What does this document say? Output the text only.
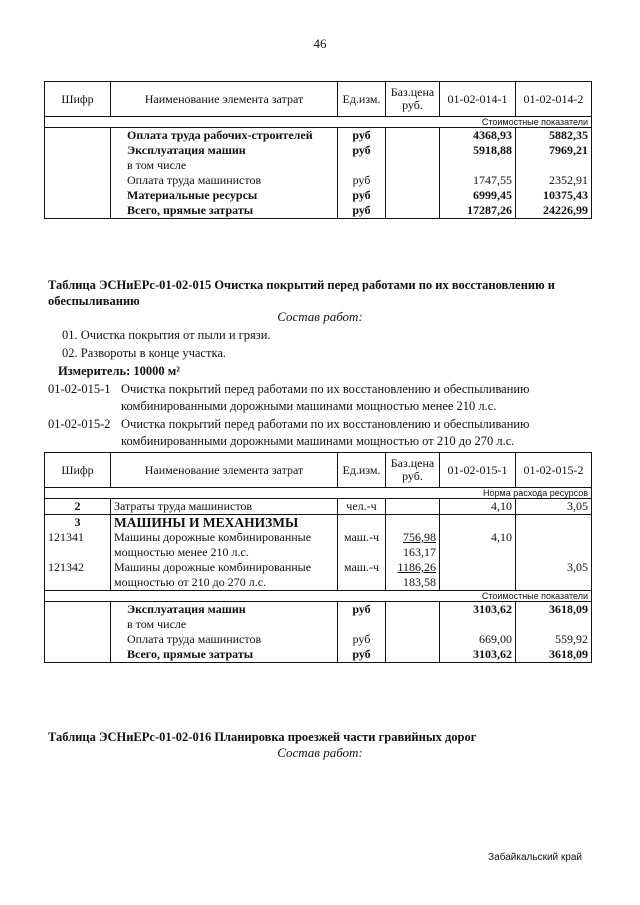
46
Шифр	Наименование элемента затрат	Ед.изм.	Баз.цена руб.	01-02-014-1	01-02-014-2
Стоимостные показатели					
	Оплата труда рабочих-строителей	руб		4368,93	5882,35
	Эксплуатация машин	руб		5918,88	7969,21
	в том числе				
	Оплата труда машинистов	руб		1747,55	2352,91
	Материальные ресурсы	руб		6999,45	10375,43
	Всего, прямые затраты	руб		17287,26	24226,99
Таблица ЭСНиЕРс-01-02-015 Очистка покрытий перед работами по их восстановлению и
обеспыливанию
Состав работ:
01. Очистка покрытия от пыли и грязи.
02. Развороты в конце участка.
Измеритель: 10000 м²
01-02-015-1 Очистка покрытий перед работами по их восстановлению и обеспыливанию
комбинированными дорожными машинами мощностью менее 210 л.с.
01-02-015-2 Очистка покрытий перед работами по их восстановлению и обеспыливанию
комбинированными дорожными машинами мощностью от 210 до 270 л.с.
Шифр	Наименование элемента затрат	Ед.изм.	Баз.цена руб.	01-02-015-1	01-02-015-2
Норма расхода ресурсов					
2	Затраты труда машинистов	чел.-ч		4,10	3,05
3	МАШИНЫ И МЕХАНИЗМЫ				
121341	Машины дорожные комбинированные	маш.-ч	756,98	4,10	
	мощностью менее 210 л.с.		163,17		
121342	Машины дорожные комбинированные	маш.-ч	1186,26		3,05
	мощностью от 210 до 270 л.с.		183,58		
Стоимостные показатели					
	Эксплуатация машин	руб		3103,62	3618,09
	в том числе				
	Оплата труда машинистов	руб		669,00	559,92
	Всего, прямые затраты	руб		3103,62	3618,09
Таблица ЭСНиЕРс-01-02-016 Планировка проезжей части гравийных дорог
Состав работ:
Забайкальский край
